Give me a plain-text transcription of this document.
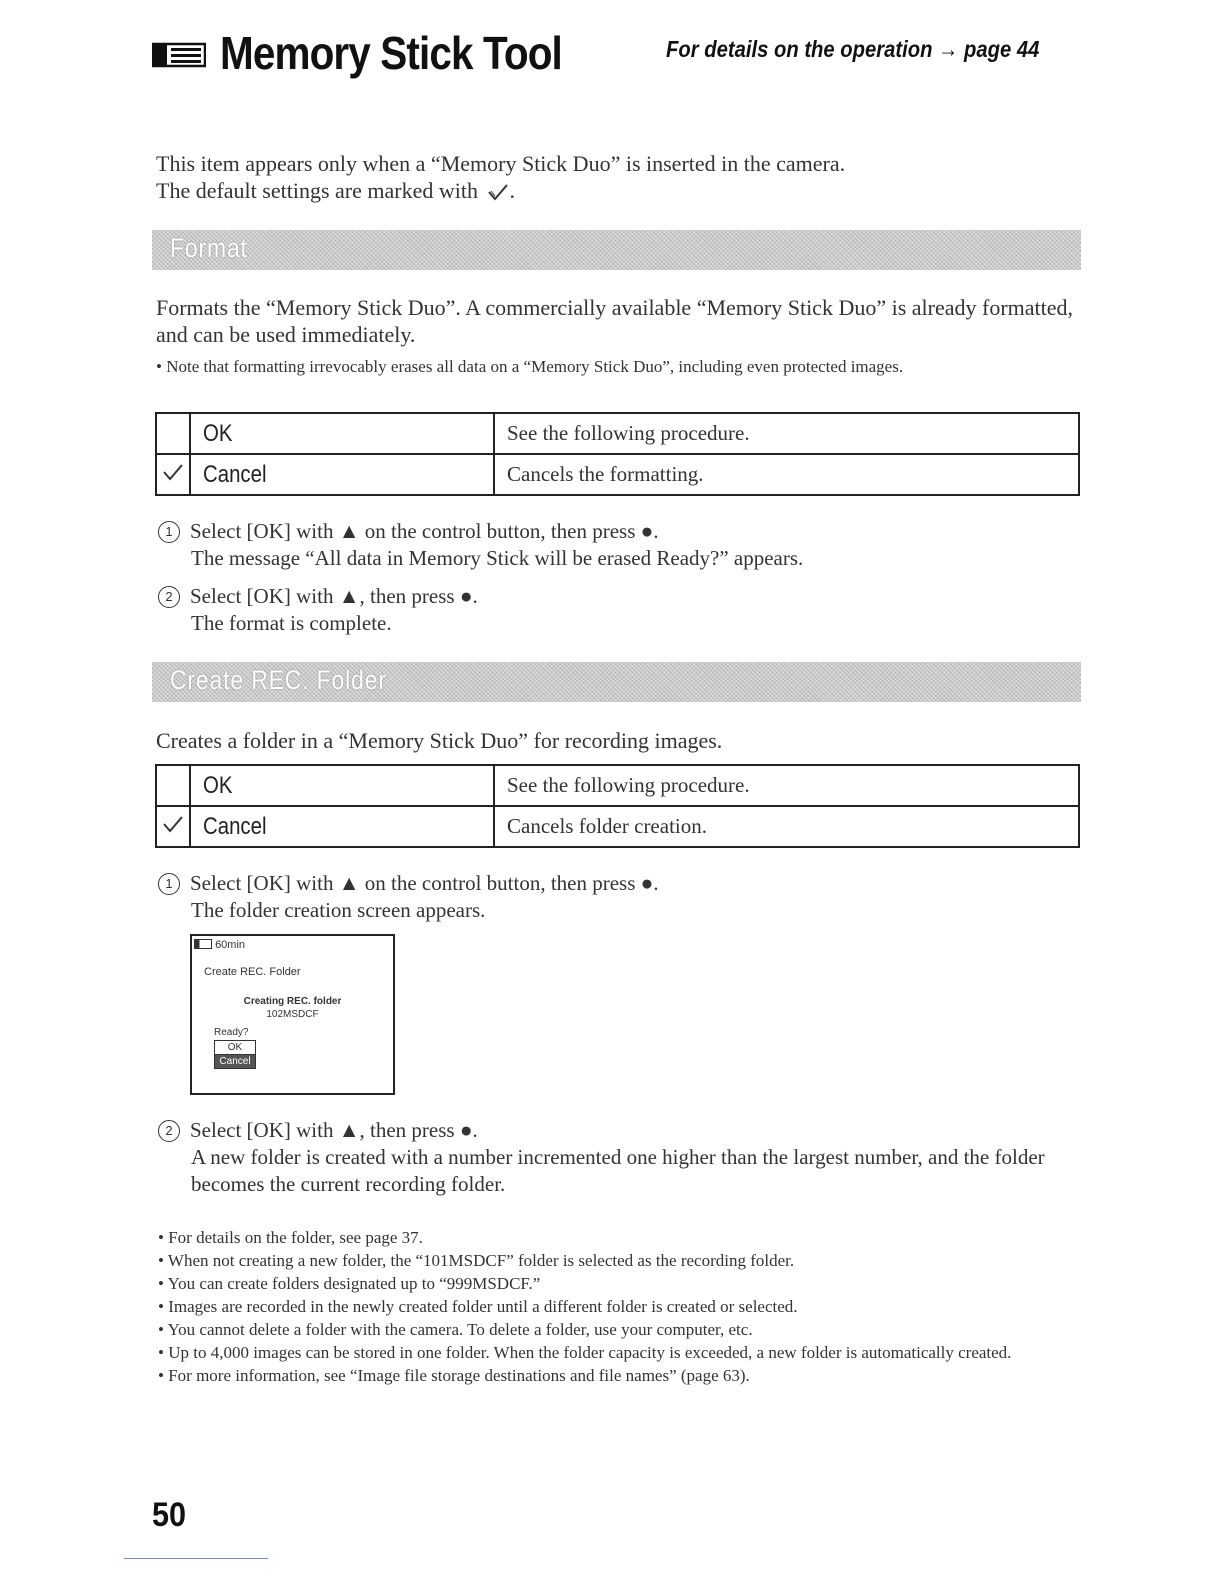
Memory Stick Tool	For details on the operation → page 44
This item appears only when a “Memory Stick Duo” is inserted in the camera.
The default settings are marked with .
Format
Formats the “Memory Stick Duo”. A commercially available “Memory Stick Duo” is already formatted, and can be used immediately.
• Note that formatting irrevocably erases all data on a “Memory Stick Duo”, including even protected images.
	OK	See the following procedure.
	Cancel	Cancels the formatting.
1 Select [OK] with ▲ on the control button, then press ●.
The message “All data in Memory Stick will be erased Ready?” appears.
2 Select [OK] with ▲, then press ●.
The format is complete.
Create REC. Folder
Creates a folder in a “Memory Stick Duo” for recording images.
	OK	See the following procedure.
	Cancel	Cancels folder creation.
1 Select [OK] with ▲ on the control button, then press ●.
The folder creation screen appears.
60min
Create REC. Folder
Creating REC. folder
102MSDCF
Ready?
OK
Cancel
2 Select [OK] with ▲, then press ●.
A new folder is created with a number incremented one higher than the largest number, and the folder becomes the current recording folder.
• For details on the folder, see page 37.
• When not creating a new folder, the “101MSDCF” folder is selected as the recording folder.
• You can create folders designated up to “999MSDCF.”
• Images are recorded in the newly created folder until a different folder is created or selected.
• You cannot delete a folder with the camera. To delete a folder, use your computer, etc.
• Up to 4,000 images can be stored in one folder. When the folder capacity is exceeded, a new folder is automatically created.
• For more information, see “Image file storage destinations and file names” (page 63).
50
